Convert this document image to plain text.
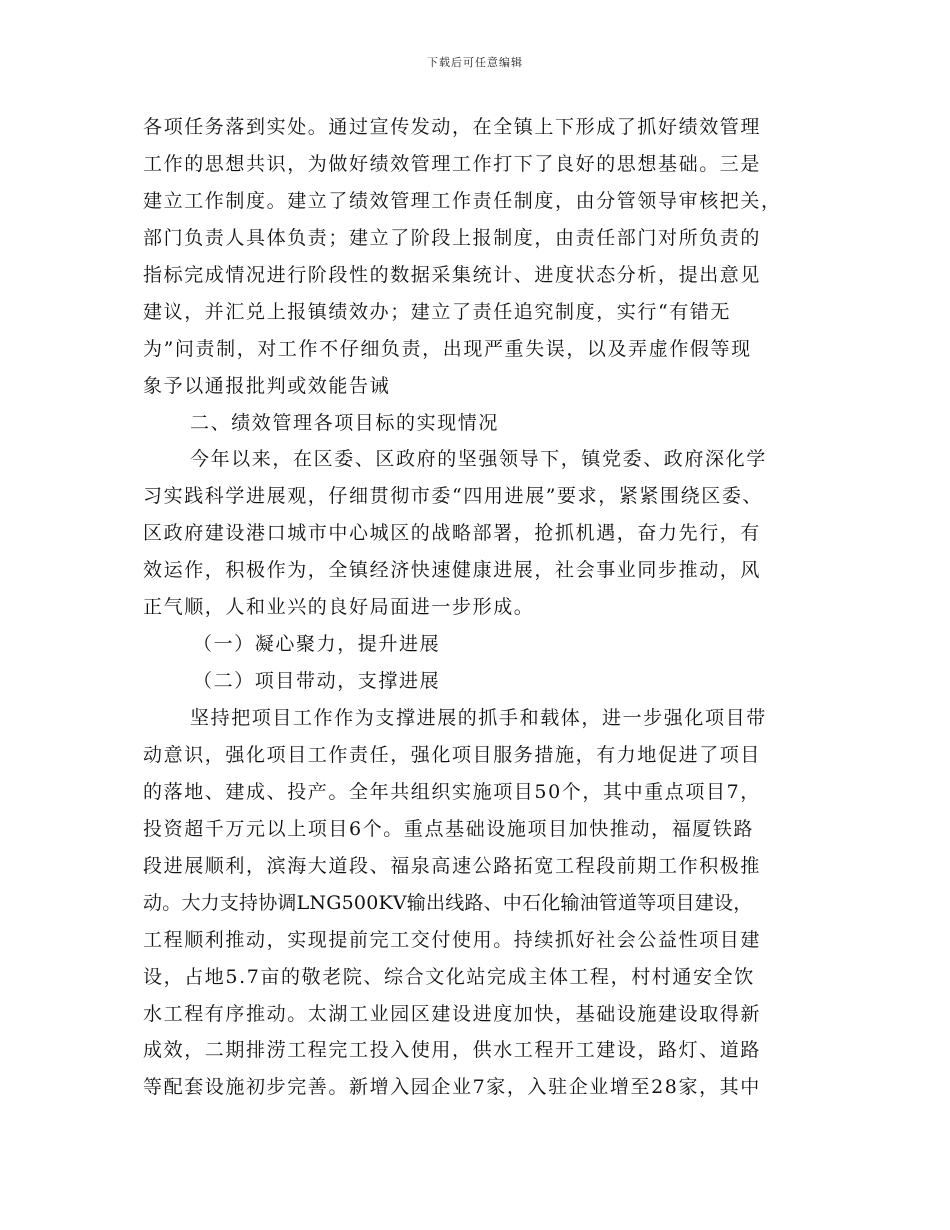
下载后可任意编辑
各项任务落到实处。通过宣传发动，在全镇上下形成了抓好绩效管理
工作的思想共识，为做好绩效管理工作打下了良好的思想基础。三是
建立工作制度。建立了绩效管理工作责任制度，由分管领导审核把关，
部门负责人具体负责；建立了阶段上报制度，由责任部门对所负责的
指标完成情况进行阶段性的数据采集统计、进度状态分析，提出意见
建议，并汇兑上报镇绩效办；建立了责任追究制度，实行“有错无
为”问责制，对工作不仔细负责，出现严重失误，以及弄虚作假等现
象予以通报批判或效能告诫
二、绩效管理各项目标的实现情况
今年以来，在区委、区政府的坚强领导下，镇党委、政府深化学
习实践科学进展观，仔细贯彻市委“四用进展”要求，紧紧围绕区委、
区政府建设港口城市中心城区的战略部署，抢抓机遇，奋力先行，有
效运作，积极作为，全镇经济快速健康进展，社会事业同步推动，风
正气顺，人和业兴的良好局面进一步形成。
（一）凝心聚力，提升进展
（二）项目带动，支撑进展
坚持把项目工作作为支撑进展的抓手和载体，进一步强化项目带
动意识，强化项目工作责任，强化项目服务措施，有力地促进了项目
的落地、建成、投产。全年共组织实施项目50个，其中重点项目7，
投资超千万元以上项目6个。重点基础设施项目加快推动，福厦铁路
段进展顺利，滨海大道段、福泉高速公路拓宽工程段前期工作积极推
动。大力支持协调LNG500KV输出线路、中石化输油管道等项目建设，
工程顺利推动，实现提前完工交付使用。持续抓好社会公益性项目建
设，占地5.7亩的敬老院、综合文化站完成主体工程，村村通安全饮
水工程有序推动。太湖工业园区建设进度加快，基础设施建设取得新
成效，二期排涝工程完工投入使用，供水工程开工建设，路灯、道路
等配套设施初步完善。新增入园企业7家，入驻企业增至28家，其中
